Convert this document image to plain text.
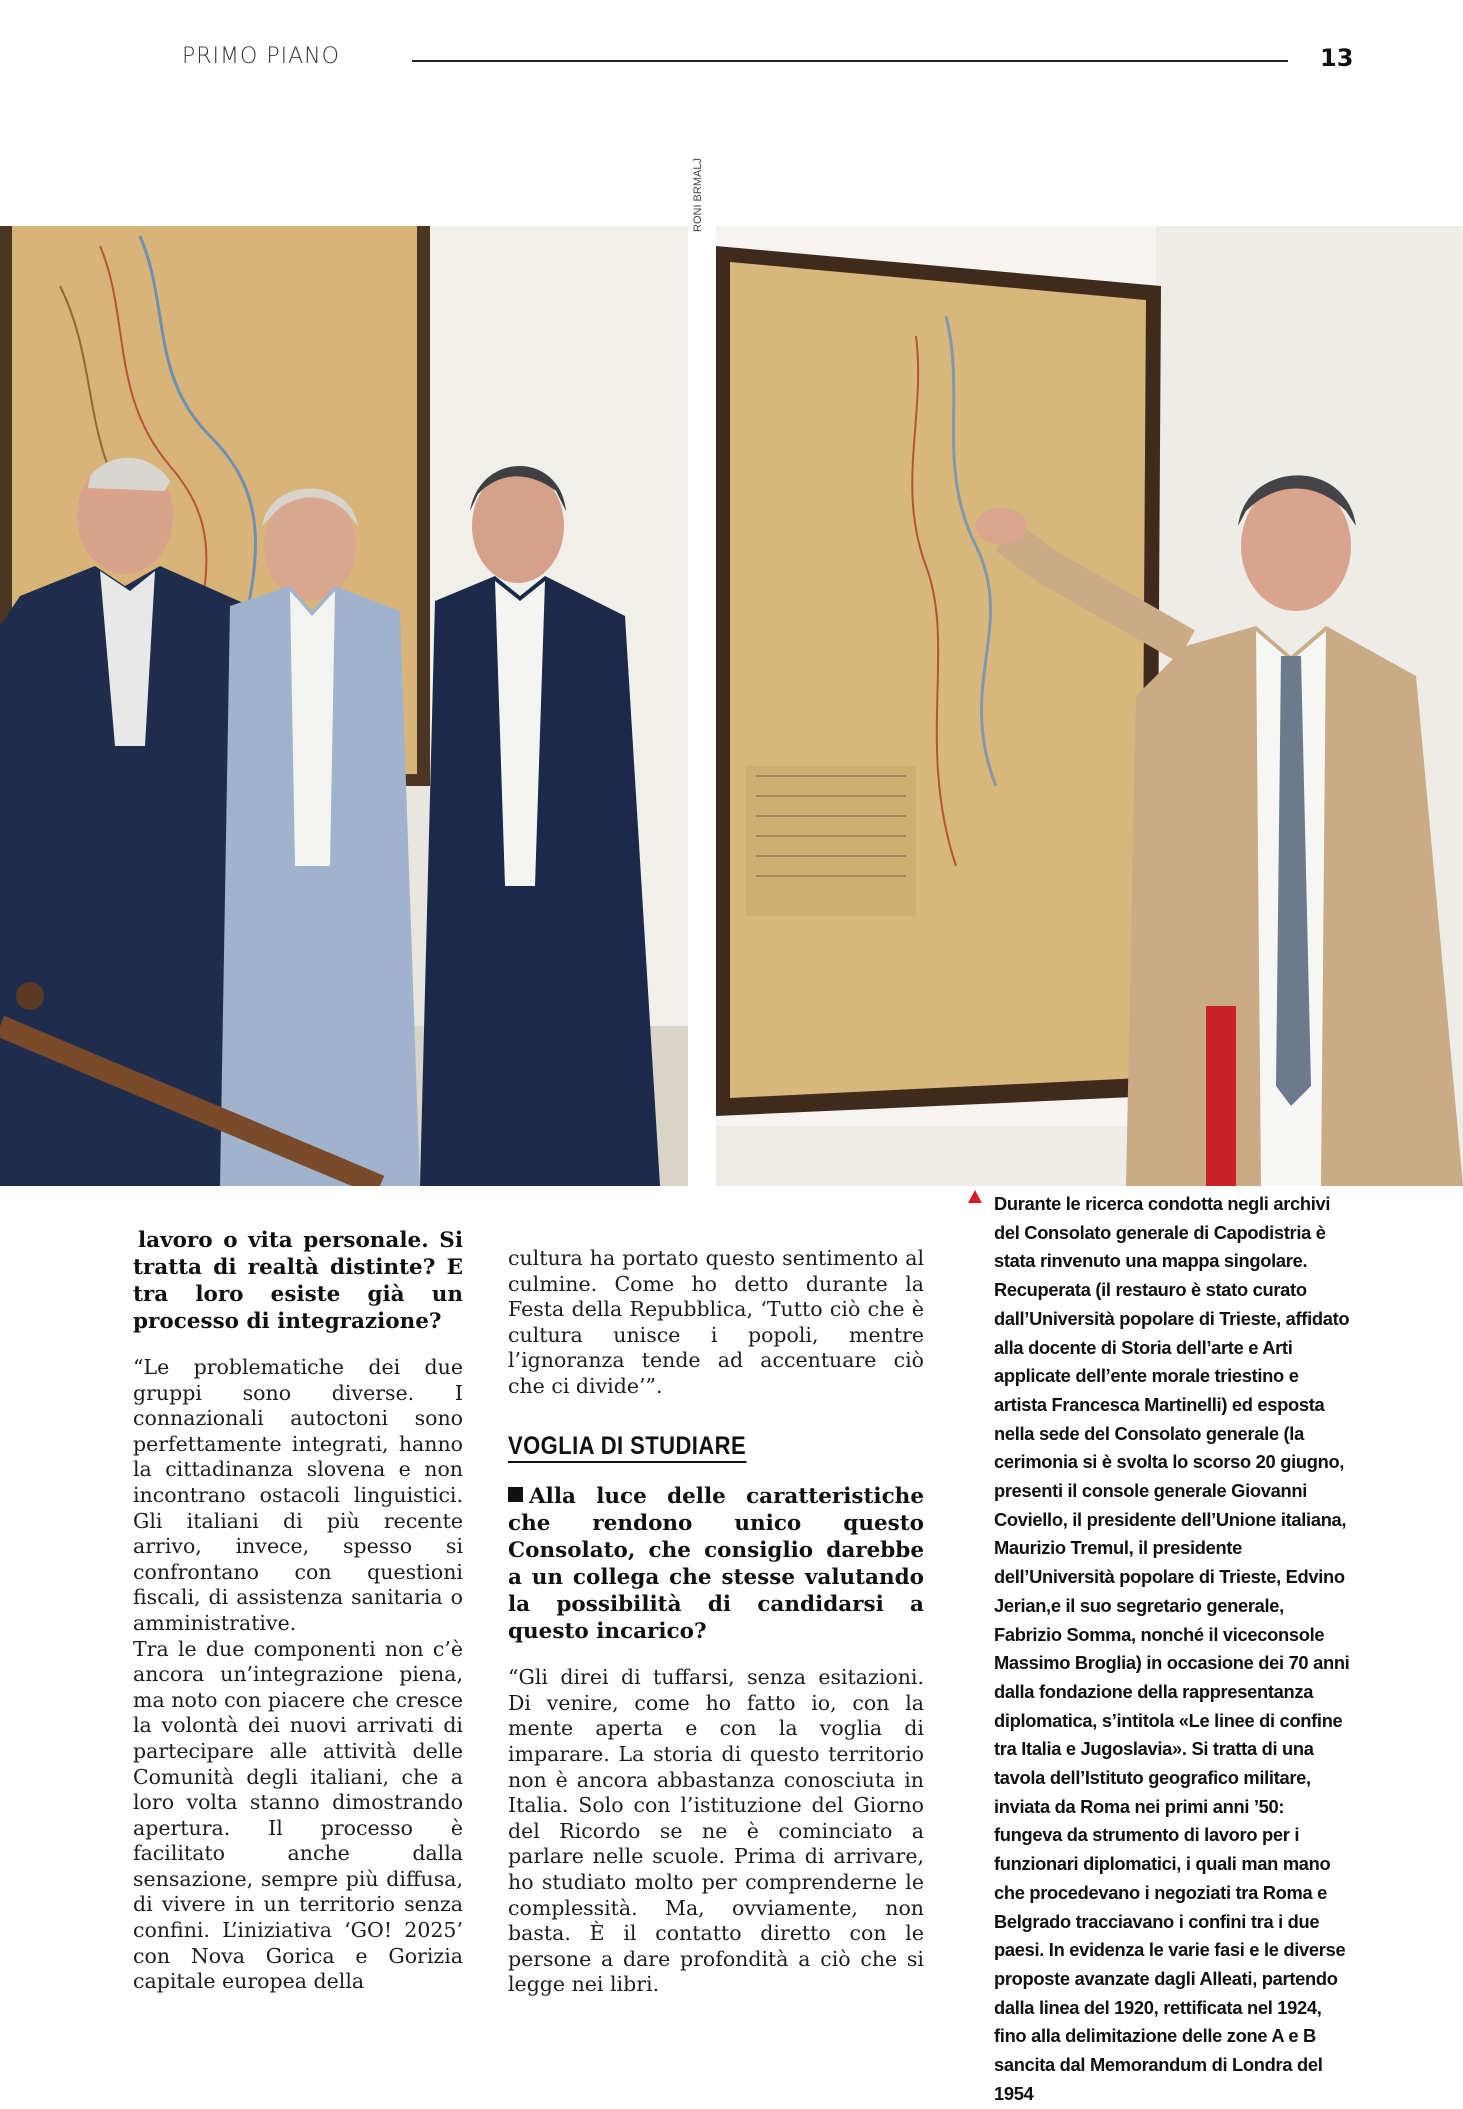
PRIMO PIANO	13
RONI BRMALJ

lavoro o vita personale. Si tratta di realtà distinte? E tra loro esiste già un processo di integrazione?

“Le problematiche dei due gruppi sono diverse. I connazionali autoctoni sono perfettamente integrati, hanno la cittadinanza slovena e non incontrano ostacoli linguistici. Gli italiani di più recente arrivo, invece, spesso si confrontano con questioni fiscali, di assistenza sanitaria o amministrative.

Tra le due componenti non c’è ancora un’integrazione piena, ma noto con piacere che cresce la volontà dei nuovi arrivati di partecipare alle attività delle Comunità degli italiani, che a loro volta stanno dimostrando apertura. Il processo è facilitato anche dalla sensazione, sempre più diffusa, di vivere in un territorio senza confini. L’iniziativa ‘GO! 2025’ con Nova Gorica e Gorizia capitale europea della

cultura ha portato questo sentimento al culmine. Come ho detto durante la Festa della Repubblica, ‘Tutto ciò che è cultura unisce i popoli, mentre l’ignoranza tende ad accentuare ciò che ci divide’”.

VOGLIA DI STUDIARE

Alla luce delle caratteristiche che rendono unico questo Consolato, che consiglio darebbe a un collega che stesse valutando la possibilità di candidarsi a questo incarico?

“Gli direi di tuffarsi, senza esitazioni. Di venire, come ho fatto io, con la mente aperta e con la voglia di imparare. La storia di questo territorio non è ancora abbastanza conosciuta in Italia. Solo con l’istituzione del Giorno del Ricordo se ne è cominciato a parlare nelle scuole. Prima di arrivare, ho studiato molto per comprenderne le complessità. Ma, ovviamente, non basta. È il contatto diretto con le persone a dare profondità a ciò che si legge nei libri.

Durante le ricerca condotta negli archivi del Consolato generale di Capodistria è stata rinvenuto una mappa singolare. Recuperata (il restauro è stato curato dall’Università popolare di Trieste, affidato alla docente di Storia dell’arte e Arti applicate dell’ente morale triestino e artista Francesca Martinelli) ed esposta nella sede del Consolato generale (la cerimonia si è svolta lo scorso 20 giugno, presenti il console generale Giovanni Coviello, il presidente dell’Unione italiana, Maurizio Tremul, il presidente dell’Università popolare di Trieste, Edvino Jerian,e il suo segretario generale, Fabrizio Somma, nonché il viceconsole Massimo Broglia) in occasione dei 70 anni dalla fondazione della rappresentanza diplomatica, s’intitola «Le linee di confine tra Italia e Jugoslavia». Si tratta di una tavola dell’Istituto geografico militare, inviata da Roma nei primi anni ’50: fungeva da strumento di lavoro per i funzionari diplomatici, i quali man mano che procedevano i negoziati tra Roma e Belgrado tracciavano i confini tra i due paesi. In evidenza le varie fasi e le diverse proposte avanzate dagli Alleati, partendo dalla linea del 1920, rettificata nel 1924, fino alla delimitazione delle zone A e B sancita dal Memorandum di Londra del 1954
